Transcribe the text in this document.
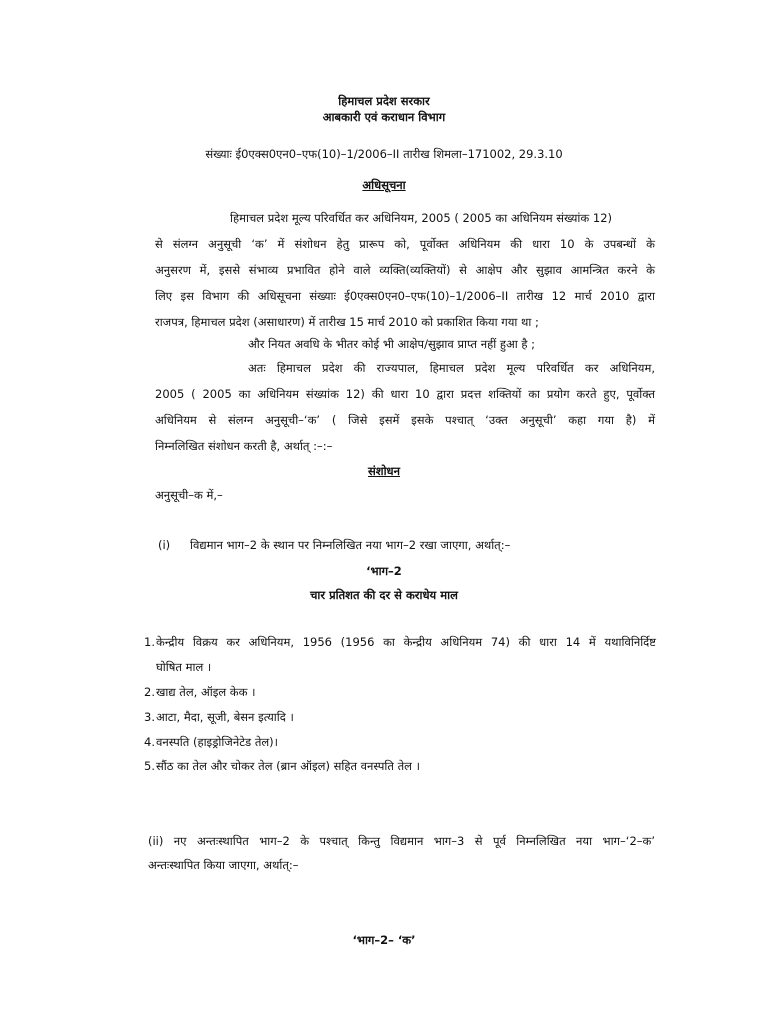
हिमाचल प्रदेश सरकार
आबकारी एवं कराधान विभाग
संख्याः ई0एक्स0एन0–एफ(10)–1/2006–II तारीख शिमला–171002, 29.3.10
अधिसूचना
हिमाचल प्रदेश मूल्य परिवर्धित कर अधिनियम, 2005 ( 2005 का अधिनियम संख्यांक 12)
से संलग्न अनुसूची ‘क’ में संशोधन हेतु प्रारूप को, पूर्वोक्त अधिनियम की धारा 10 के उपबन्धों के
अनुसरण में, इससे संभाव्य प्रभावित होने वाले व्यक्ति(व्यक्तियों) से आक्षेप और सुझाव आमन्त्रित करने के
लिए इस विभाग की अधिसूचना संख्याः ई0एक्स0एन0–एफ(10)–1/2006–II तारीख 12 मार्च 2010 द्वारा
राजपत्र, हिमाचल प्रदेश (असाधारण) में तारीख 15 मार्च 2010 को प्रकाशित किया गया था ;
और नियत अवधि के भीतर कोई भी आक्षेप/सुझाव प्राप्त नहीं हुआ है ;
अतः हिमाचल प्रदेश की राज्यपाल, हिमाचल प्रदेश मूल्य परिवर्धित कर अधिनियम,
2005 ( 2005 का अधिनियम संख्यांक 12) की धारा 10 द्वारा प्रदत्त शक्तियों का प्रयोग करते हुए, पूर्वोक्त
अधिनियम से संलग्न अनुसूची–‘क’ ( जिसे इसमें इसके पश्चात् ‘उक्त अनुसूची’ कहा गया है) में
निम्नलिखित संशोधन करती है, अर्थात् :–:–
संशोधन
अनुसूची–क में,–
(i) विद्यमान भाग–2 के स्थान पर निम्नलिखित नया भाग–2 रखा जाएगा, अर्थात्:–
‘भाग–2
चार प्रतिशत की दर से कराधेय माल
1. केन्द्रीय विक्रय कर अधिनियम, 1956 (1956 का केन्द्रीय अधिनियम 74) की धारा 14 में यथाविनिर्दिष्ट
घोषित माल ।
2. खाद्य तेल, ऑइल केक ।
3. आटा, मैदा, सूजी, बेसन इत्यादि ।
4. वनस्पति (हाइड्रोजिनेटेड तेल)।
5. सौंठ का तेल और चोकर तेल (ब्रान ऑइल) सहित वनस्पति तेल ।
(ii) नए अन्तःस्थापित भाग–2 के पश्चात् किन्तु विद्यमान भाग–3 से पूर्व निम्नलिखित नया भाग–‘2–क’
अन्तःस्थापित किया जाएगा, अर्थात्:–
‘भाग–2– ‘क’
